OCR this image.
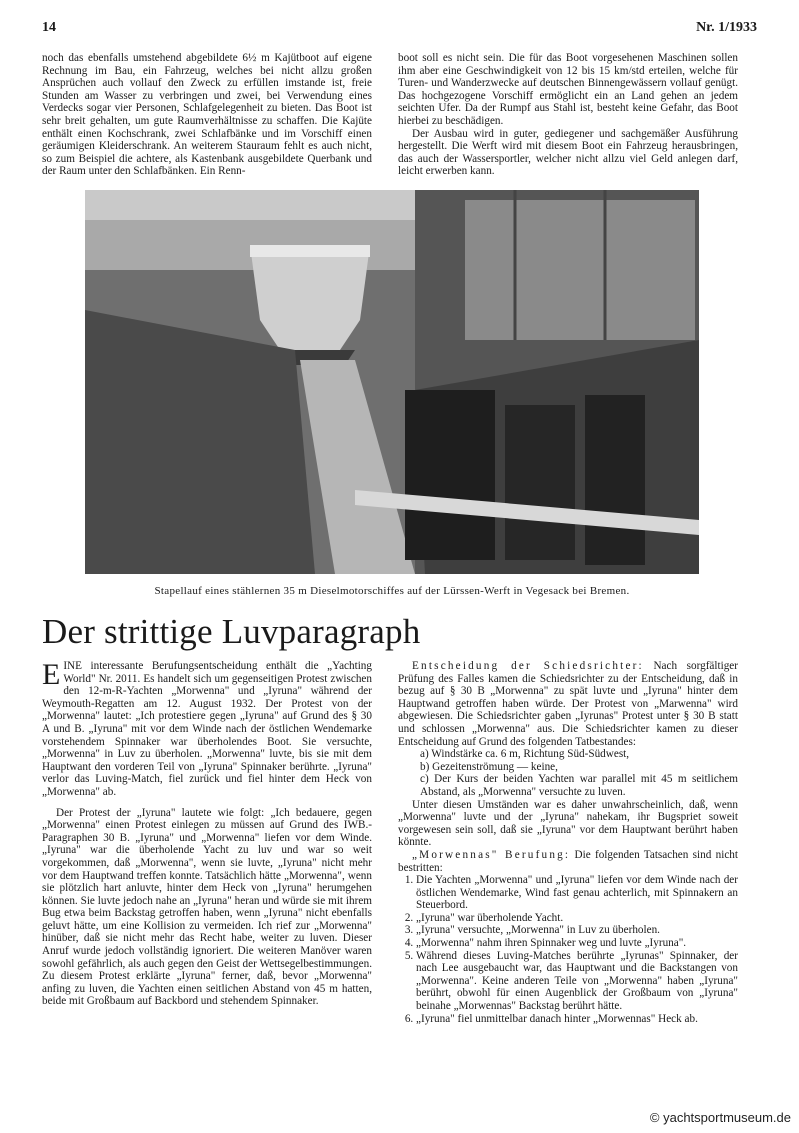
14	Nr. 1/1933

noch das ebenfalls umstehend abgebildete 6½ m Kajütboot auf eigene Rechnung im Bau, ein Fahrzeug, welches bei nicht allzu großen Ansprüchen auch vollauf den Zweck zu erfüllen imstande ist, freie Stunden am Wasser zu verbringen und zwei, bei Verwendung eines Verdecks sogar vier Personen, Schlafgelegenheit zu bieten. Das Boot ist sehr breit gehalten, um gute Raumverhältnisse zu schaffen. Die Kajüte enthält einen Kochschrank, zwei Schlafbänke und im Vorschiff einen geräumigen Kleiderschrank. An weiterem Stauraum fehlt es auch nicht, so zum Beispiel die achtere, als Kastenbank ausgebildete Querbank und der Raum unter den Schlafbänken. Ein Renn-

boot soll es nicht sein. Die für das Boot vorgesehenen Maschinen sollen ihm aber eine Geschwindigkeit von 12 bis 15 km/std erteilen, welche für Turen- und Wanderzwecke auf deutschen Binnengewässern vollauf genügt. Das hochgezogene Vorschiff ermöglicht ein an Land gehen an jedem seichten Ufer. Da der Rumpf aus Stahl ist, besteht keine Gefahr, das Boot hierbei zu beschädigen.

Der Ausbau wird in guter, gediegener und sachgemäßer Ausführung hergestellt. Die Werft wird mit diesem Boot ein Fahrzeug herausbringen, das auch der Wassersportler, welcher nicht allzu viel Geld anlegen darf, leicht erwerben kann.

Stapellauf eines stählernen 35 m Dieselmotorschiffes auf der Lürssen-Werft in Vegesack bei Bremen.
Der strittige Luvparagraph

EINE interessante Berufungsentscheidung enthält die „Yachting World" Nr. 2011. Es handelt sich um gegenseitigen Protest zwischen den 12-m-R-Yachten „Morwenna" und „Iyruna" während der Weymouth-Regatten am 12. August 1932. Der Protest von der „Morwenna" lautet: „Ich protestiere gegen „Iyruna" auf Grund des § 30 A und B. „Iyruna" mit vor dem Winde nach der östlichen Wendemarke vorstehendem Spinnaker war überholendes Boot. Sie versuchte, „Morwenna" in Luv zu überholen. „Morwenna" luvte, bis sie mit dem Hauptwant den vorderen Teil von „Iyruna" Spinnaker berührte. „Iyruna" verlor das Luving-Match, fiel zurück und fiel hinter dem Heck von „Morwenna" ab.

Der Protest der „Iyruna" lautete wie folgt: „Ich bedauere, gegen „Morwenna" einen Protest einlegen zu müssen auf Grund des IWB.-Paragraphen 30 B. „Iyruna" und „Morwenna" liefen vor dem Winde. „Iyruna" war die überholende Yacht zu luv und war so weit vorgekommen, daß „Morwenna", wenn sie luvte, „Iyruna" nicht mehr vor dem Hauptwand treffen konnte. Tatsächlich hätte „Morwenna", wenn sie plötzlich hart anluvte, hinter dem Heck von „Iyruna" herumgehen können. Sie luvte jedoch nahe an „Iyruna" heran und würde sie mit ihrem Bug etwa beim Backstag getroffen haben, wenn „Iyruna" nicht ebenfalls geluvt hätte, um eine Kollision zu vermeiden. Ich rief zur „Morwenna" hinüber, daß sie nicht mehr das Recht habe, weiter zu luven. Dieser Anruf wurde jedoch vollständig ignoriert. Die weiteren Manöver waren sowohl gefährlich, als auch gegen den Geist der Wettsegelbestimmungen. Zu diesem Protest erklärte „Iyruna" ferner, daß, bevor „Morwenna" anfing zu luven, die Yachten einen seitlichen Abstand von 45 m hatten, beide mit Großbaum auf Backbord und stehendem Spinnaker.

Entscheidung der Schiedsrichter: Nach sorgfältiger Prüfung des Falles kamen die Schiedsrichter zu der Entscheidung, daß in bezug auf § 30 B „Morwenna" zu spät luvte und „Iyruna" hinter dem Hauptwand getroffen haben würde. Der Protest von „Marwenna" wird abgewiesen. Die Schiedsrichter gaben „Iyrunas" Protest unter § 30 B statt und schlossen „Morwenna" aus. Die Schiedsrichter kamen zu dieser Entscheidung auf Grund des folgenden Tatbestandes:

a) Windstärke ca. 6 m, Richtung Süd-Südwest,
b) Gezeitenströmung — keine,
c) Der Kurs der beiden Yachten war parallel mit 45 m seitlichem Abstand, als „Morwenna" versuchte zu luven.

Unter diesen Umständen war es daher unwahrscheinlich, daß, wenn „Morwenna" luvte und der „Iyruna" nahekam, ihr Bugspriet soweit vorgewesen sein soll, daß sie „Iyruna" vor dem Hauptwant berührt haben könnte.

„Morwennas" Berufung: Die folgenden Tatsachen sind nicht bestritten:

1. Die Yachten „Morwenna" und „Iyruna" liefen vor dem Winde nach der östlichen Wendemarke, Wind fast genau achterlich, mit Spinnakern an Steuerbord.
2. „Iyruna" war überholende Yacht.
3. „Iyruna" versuchte, „Morwenna" in Luv zu überholen.
4. „Morwenna" nahm ihren Spinnaker weg und luvte „Iyruna".
5. Während dieses Luving-Matches berührte „Iyrunas" Spinnaker, der nach Lee ausgebaucht war, das Hauptwant und die Backstangen von „Morwenna". Keine anderen Teile von „Morwenna" haben „Iyruna" berührt, obwohl für einen Augenblick der Großbaum von „Iyruna" beinahe „Morwennas" Backstag berührt hätte.
6. „Iyruna" fiel unmittelbar danach hinter „Morwennas" Heck ab.
© yachtsportmuseum.de
